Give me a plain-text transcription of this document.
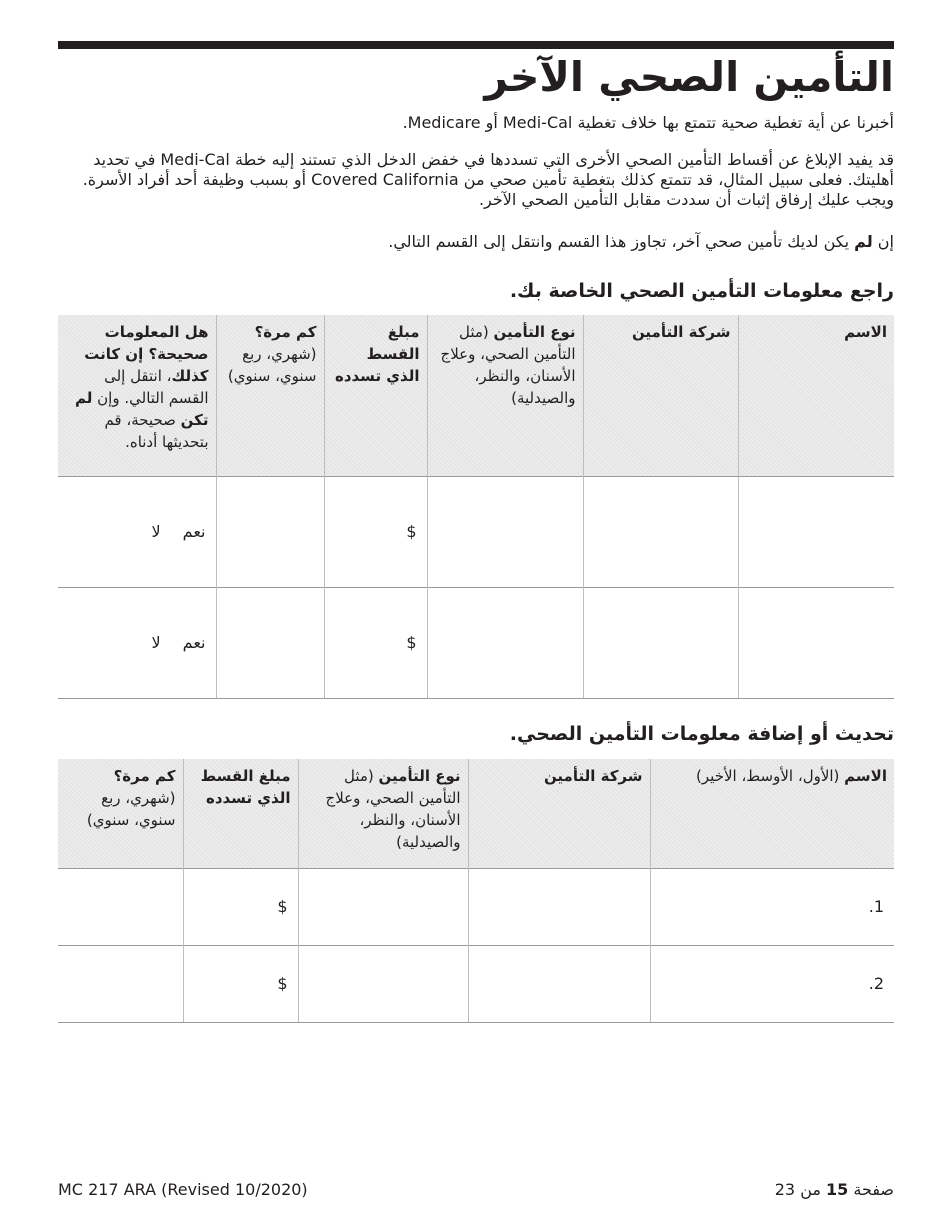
التأمين الصحي الآخر

أخبرنا عن أية تغطية صحية تتمتع بها خلاف تغطية Medi-Cal أو Medicare.

قد يفيد الإبلاغ عن أقساط التأمين الصحي الأخرى التي تسددها في خفض الدخل الذي تستند إليه خطة Medi-Cal في تحديد أهليتك. فعلى سبيل المثال، قد تتمتع كذلك بتغطية تأمين صحي من Covered California أو بسبب وظيفة أحد أفراد الأسرة. ويجب عليك إرفاق إثبات أن سددت مقابل التأمين الصحي الآخر.

إن لم يكن لديك تأمين صحي آخر، تجاوز هذا القسم وانتقل إلى القسم التالي.

راجع معلومات التأمين الصحي الخاصة بك.
الاسم	شركة التأمين	نوع التأمين (مثل التأمين الصحي، وعلاج الأسنان، والنظر، والصيدلية)	مبلغ القسط الذي تسدده	كم مرة؟ (شهري، ربع سنوي، سنوي)	هل المعلومات صحيحة؟ إن كانت كذلك، انتقل إلى القسم التالي. وإن لم تكن صحيحة، قم بتحديثها أدناه.
			$		نعملا
			$		نعملا
تحديث أو إضافة معلومات التأمين الصحي.
الاسم (الأول، الأوسط، الأخير)	شركة التأمين	نوع التأمين (مثل التأمين الصحي، وعلاج الأسنان، والنظر، والصيدلية)	مبلغ القسط الذي تسدده	كم مرة؟ (شهري، ربع سنوي، سنوي)
1.			$	
2.			$	
MC 217 ARA (Revised 10/2020)	صفحة 15 من 23
